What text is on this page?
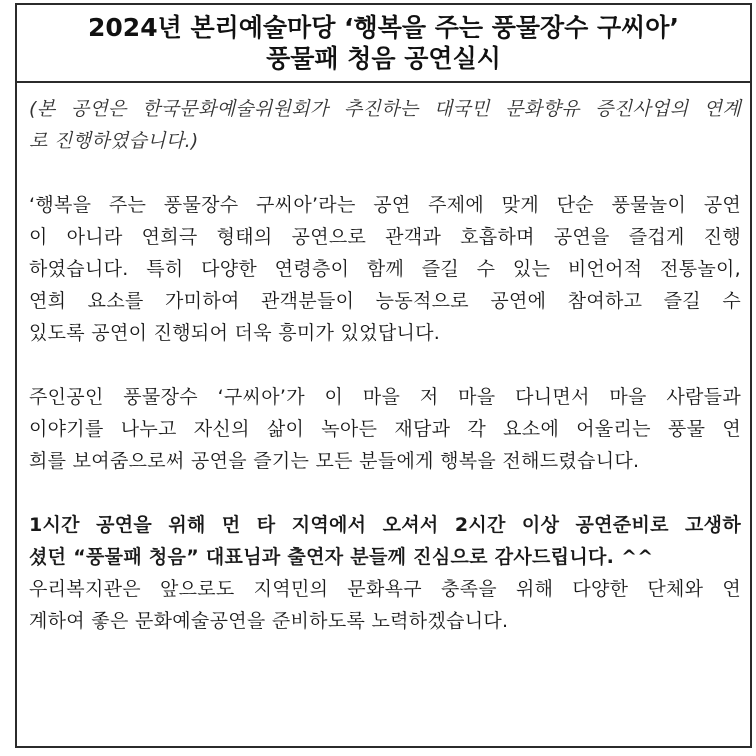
2024년 본리예술마당 ‘행복을 주는 풍물장수 구씨아’
풍물패 청음 공연실시
(본 공연은 한국문화예술위원회가 추진하는 대국민 문화향유 증진사업의 연계
로 진행하였습니다.)
‘행복을 주는 풍물장수 구씨아’라는 공연 주제에 맞게 단순 풍물놀이 공연
이 아니라 연희극 형태의 공연으로 관객과 호흡하며 공연을 즐겁게 진행
하였습니다. 특히 다양한 연령층이 함께 즐길 수 있는 비언어적 전통놀이,
연희 요소를 가미하여 관객분들이 능동적으로 공연에 참여하고 즐길 수
있도록 공연이 진행되어 더욱 흥미가 있었답니다.
주인공인 풍물장수 ‘구씨아’가 이 마을 저 마을 다니면서 마을 사람들과
이야기를 나누고 자신의 삶이 녹아든 재담과 각 요소에 어울리는 풍물 연
희를 보여줌으로써 공연을 즐기는 모든 분들에게 행복을 전해드렸습니다.
1시간 공연을 위해 먼 타 지역에서 오셔서 2시간 이상 공연준비로 고생하
셨던 “풍물패 청음” 대표님과 출연자 분들께 진심으로 감사드립니다. ^^
우리복지관은 앞으로도 지역민의 문화욕구 충족을 위해 다양한 단체와 연
계하여 좋은 문화예술공연을 준비하도록 노력하겠습니다.
